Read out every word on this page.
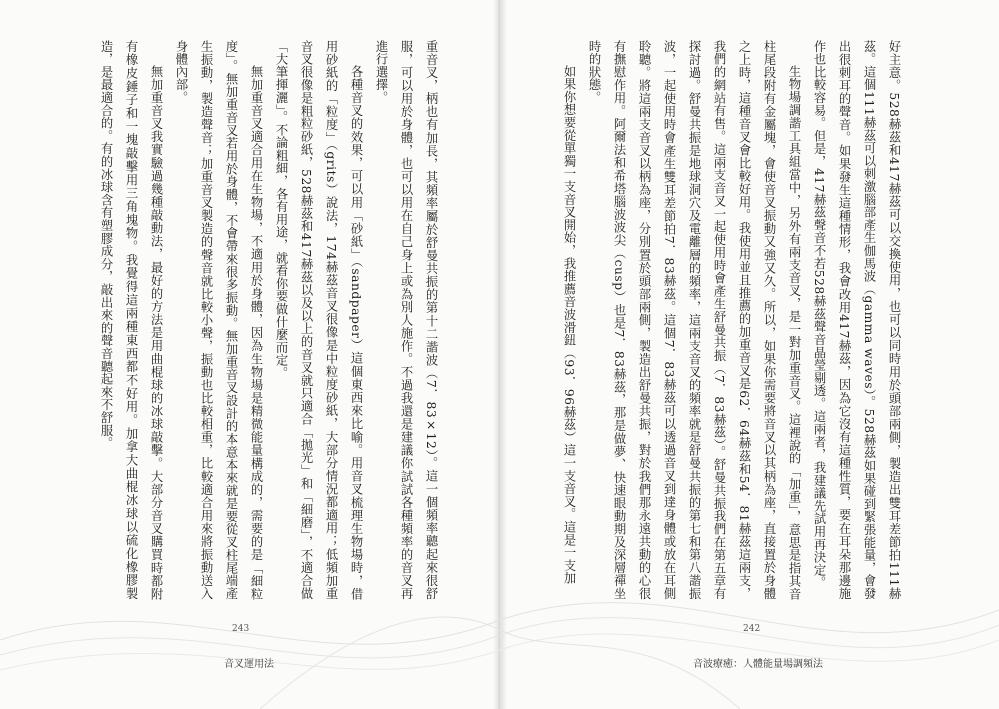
重音叉，柄也有加長，其頻率屬於舒曼共振的第十二諧波（7．83×12）。這一個頻率聽起來很舒服，可以用於身體，也可以用在自己身上或為別人施作。不過我還是建議你試試各種頻率的音叉再進行選擇。

各種音叉的效果，可以用「砂紙」（sandpaper）這個東西來比喻。用音叉梳理生物場時，借用砂紙的「粒度」（grits）說法，174赫茲音叉很像是中粒度砂紙，大部分情況都適用；低頻加重音叉很像是粗粒砂紙，528赫茲和417赫茲以及以上的音叉就只適合「拋光」和「細磨」，不適合做「大筆揮灑」。不論粗細，各有用途，就看你要做什麼而定。

無加重音叉適合用在生物場，不適用於身體，因為生物場是精微能量構成的，需要的是「細粒度」。無加重音叉若用於身體，不會帶來很多振動。無加重音叉設計的本意本來就是要從叉柱尾端產生振動，製造聲音；加重音叉製造的聲音就比較小聲，振動也比較相重，比較適合用來將振動送入身體內部。

無加重音叉我實驗過幾種敲動法，最好的方法是用曲棍球的冰球敲擊。大部分音叉購買時都附有橡皮錘子和一塊敲擊用三角塊物。我覺得這兩種東西都不好用。加拿大曲棍冰球以硫化橡膠製造，是最適合的。有的冰球含有塑膠成分，敲出來的聲音聽起來不舒服。	好主意。528赫茲和417赫茲可以交換使用，也可以同時用於頭部兩側，製造出雙耳差節拍111赫茲。這個111赫茲可以刺激腦部產生伽馬波（gamma waves）。528赫茲如果碰到緊張能量，會發出很刺耳的聲音。如果發生這種情形，我會改用417赫茲，因為它沒有這種性質，要在耳朵那邊施作也比較容易。但是，417赫茲聲音不若528赫茲聲音晶瑩剔透。這兩者，我建議先試用再決定。

生物場調諧工具組當中，另外有兩支音叉，是一對加重音叉。這裡說的「加重」，意思是指其音柱尾段附有金屬塊，會使音叉振動又強又久。所以，如果你需要將音叉以其柄為座，直接置於身體之上時，這種音叉會比較好用。我使用並且推薦的加重音叉是62．64赫茲和54．81赫茲這兩支，我們的網站有售。這兩支音叉一起使用時會產生舒曼共振（7．83赫茲）。舒曼共振我們在第五章有探討過。舒曼共振是地球洞穴及電離層的頻率，這兩支音叉的頻率就是舒曼共振的第七和第八諧振波，一起使用時會產生雙耳差節拍7．83赫茲。這個7．83赫茲可以透過音叉到達身體或放在耳側聆聽。將這兩支音叉以柄為座，分別置於頭部兩側，製造出舒曼共振，對於我們那永遠共動的心很有撫慰作用。阿爾法和希塔腦波波尖（cusp）也是7．83赫茲，那是做夢、快速眼動期及深層禪坐時的狀態。

如果你想要從單獨一支音叉開始，我推薦音波滑鈕（93．96赫茲）這一支音叉。這是一支加

243	242
音叉運用法	音波療癒：人體能量場調頻法
